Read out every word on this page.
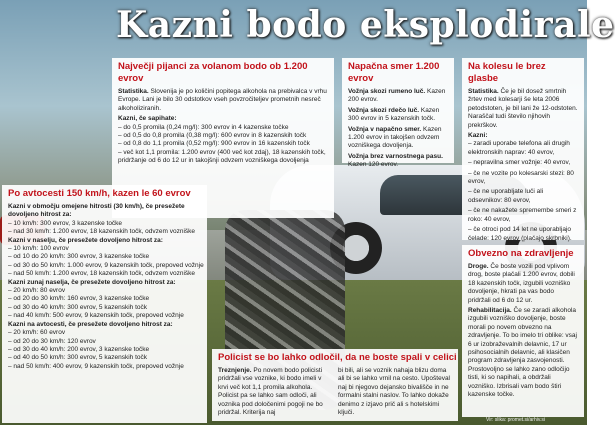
Kazni bodo eksplodirale
Največji pijanci za volanom bodo ob 1.200 evrov

Statistika. Slovenija je po količini popitega alkohola na prebivalca v vrhu Evrope. Lani je bilo 30 odstotkov vseh povzročiteljev prometnih nesreč alkoholiziranih.

Kazni, če sapihate:
– do 0,5 promila (0,24 mg/l): 300 evrov in 4 kazenske točke
– od 0,5 do 0,8 promila (0,38 mg/l): 600 evrov in 8 kazenskih točk
– od 0,8 do 1,1 promila (0,52 mg/l): 900 evrov in 16 kazenskih točk
– več kot 1,1 promila: 1.200 evrov (400 več kot zdaj), 18 kazenskih točk,
pridržanje od 6 do 12 ur in takojšnji odvzem vozniškega dovoljenja
Po avtocesti 150 km/h, kazen le 60 evrov
Kazni v območju omejene hitrosti (30 km/h), če presežete dovoljeno hitrost za:
– 10 km/h: 300 evrov, 3 kazenske točke
– nad 30 km/h: 1.200 evrov, 18 kazenskih točk, odvzem vozniške
Kazni v naselju, če presežete dovoljeno hitrost za:
– 10 km/h: 100 evrov
– od 10 do 20 km/h: 300 evrov, 3 kazenske točke
– od 30 do 50 km/h: 1.000 evrov, 9 kazenskih točk, prepoved vožnje
– nad 50 km/h: 1.200 evrov, 18 kazenskih točk, odvzem vozniške
Kazni zunaj naselja, če presežete dovoljeno hitrost za:
– 20 km/h: 80 evrov
– od 20 do 30 km/h: 160 evrov, 3 kazenske točke
– od 30 do 40 km/h: 300 evrov, 5 kazenskih točk
– nad 40 km/h: 500 evrov, 9 kazenskih točk, prepoved vožnje
Kazni na avtocesti, če presežete dovoljeno hitrost za:
– 20 km/h: 60 evrov
– od 20 do 30 km/h: 120 evrov
– od 30 do 40 km/h: 200 evrov, 3 kazenske točke
– od 40 do 50 km/h: 300 evrov, 5 kazenskih točk
– nad 50 km/h: 400 evrov, 9 kazenskih točk, prepoved vožnje
Napačna smer 1.200 evrov

Vožnja skozi rumeno luč. Kazen 200 evrov.

Vožnja skozi rdečo luč. Kazen 300 evrov in 5 kazenskih točk.

Vožnja v napačno smer. Kazen 1.200 evrov in takojšen odvzem vozniškega dovoljenja.

Vožnja brez varnostnega pasu. Kazen 120 evrov.

Na kolesu le brez glasbe

Statistika. Če je bil dosež smrtnih žrtev med kolesarji še leta 2006 petodstoten, je bil lani že 12-odstoten. Naraščal tudi število njihovih prekrškov.

Kazni:

– zaradi uporabe telefona ali drugih elektronskih naprav: 40 evrov,

– nepravilna smer vožnje: 40 evrov,

– če ne vozite po kolesarski stezi: 80 evrov,

– če ne uporabljate luči ali odsevnikov: 80 evrov,

– če ne nakažete spremembe smeri z roko: 40 evrov,

– če otroci pod 14 let ne uporabljajo čelade: 120 evrov (plačajo skrbniki).

Obvezno na zdravljenje

Droge. Če boste vozili pod vplivom drog, boste plačali 1.200 evrov, dobili 18 kazenskih točk, izgubili vozniško dovoljenje, hkrati pa vas bodo pridržali od 6 do 12 ur.

Rehabilitacija. Če se zaradi alkohola izgubili vozniško dovoljenje, boste morali po novem obvezno na zdravljenje. To bo imelo tri oblike: vsaj 6 ur izobraževalnih delavnic, 17 ur psihosocialnih delavnic, ali klasičen program zdravljenja zasvojenosti. Prostovoljno se lahko zano odločijo tisti, ki so napihali, a obdržali vozniško. Izbrisali vam bodo štiri kazenske točke.

Policist se bo lahko odločil, da ne boste spali v celici

Treznjenje. Po novem bodo policisti pridržali vse voznike, ki bodo imeli v krvi več kot 1,1 promila alkohola. Policist pa se lahko sam odloči, ali voznika pod določenimi pogoji ne bo pridržal. Kriterija naj

bi bili, ali se voznik nahaja blizu doma ali bi se lahko vrnil na cesto. Upošteval naj bi njegovo dejansko bivališče in ne formalni stalni naslov. To lahko dokaže denimo z izjavo prič ali s hotelskimi ključi.

Vir: slika: promet.si/arhiv.si
